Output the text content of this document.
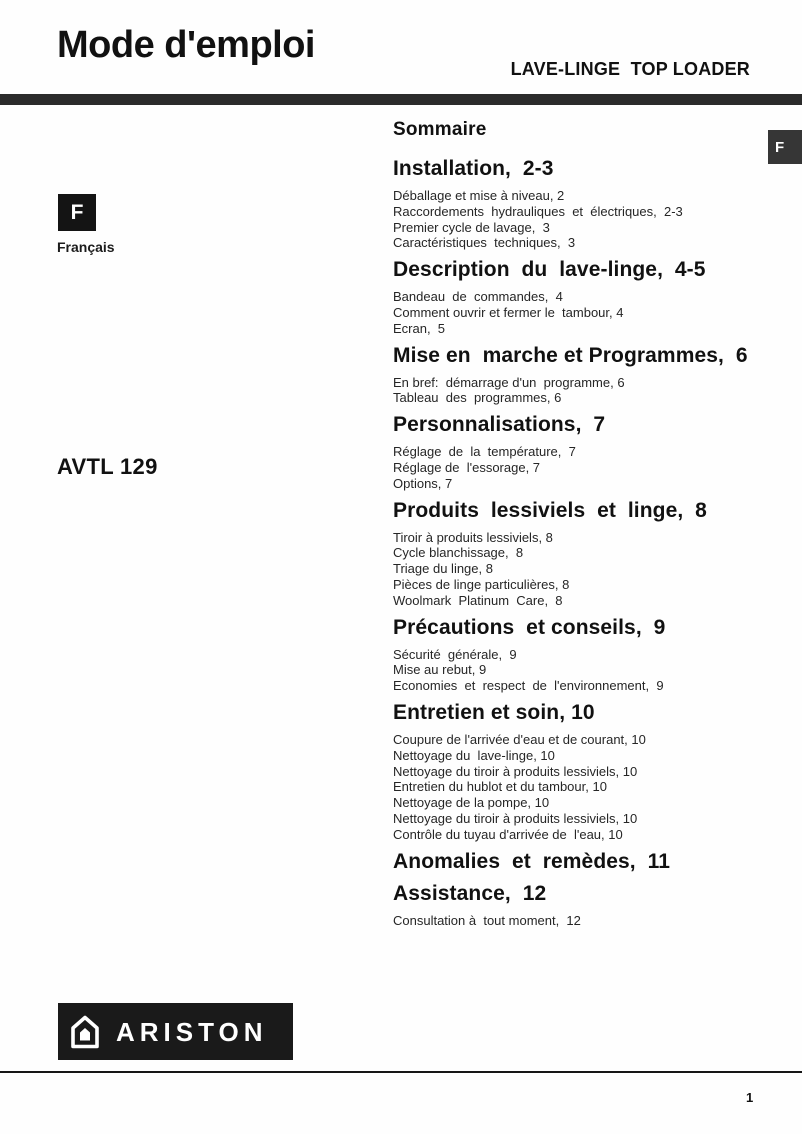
Mode d'emploi
LAVE-LINGE  TOP LOADER
F
Français
AVTL 129
F
Sommaire
Installation,  2-3
Déballage et mise à niveau, 2
Raccordements  hydrauliques  et  électriques,  2-3
Premier cycle de lavage,  3
Caractéristiques  techniques,  3
Description  du  lave-linge,  4-5
Bandeau  de  commandes,  4
Comment ouvrir et fermer le  tambour, 4
Ecran,  5
Mise en  marche et Programmes,  6
En bref:  démarrage d'un  programme, 6
Tableau  des  programmes, 6
Personnalisations,  7
Réglage  de  la  température,  7
Réglage de  l'essorage, 7
Options, 7
Produits  lessiviels  et  linge,  8
Tiroir à produits lessiviels, 8
Cycle blanchissage,  8
Triage du linge, 8
Pièces de linge particulières, 8
Woolmark  Platinum  Care,  8
Précautions  et conseils,  9
Sécurité  générale,  9
Mise au rebut, 9
Economies  et  respect  de  l'environnement,  9
Entretien et soin, 10
Coupure de l'arrivée d'eau et de courant, 10
Nettoyage du  lave-linge, 10
Nettoyage du tiroir à produits lessiviels, 10
Entretien du hublot et du tambour, 10
Nettoyage de la pompe, 10
Nettoyage du tiroir à produits lessiviels, 10
Contrôle du tuyau d'arrivée de  l'eau, 10
Anomalies  et  remèdes,  11
Assistance,  12
Consultation à  tout moment,  12
ARISTON
1
